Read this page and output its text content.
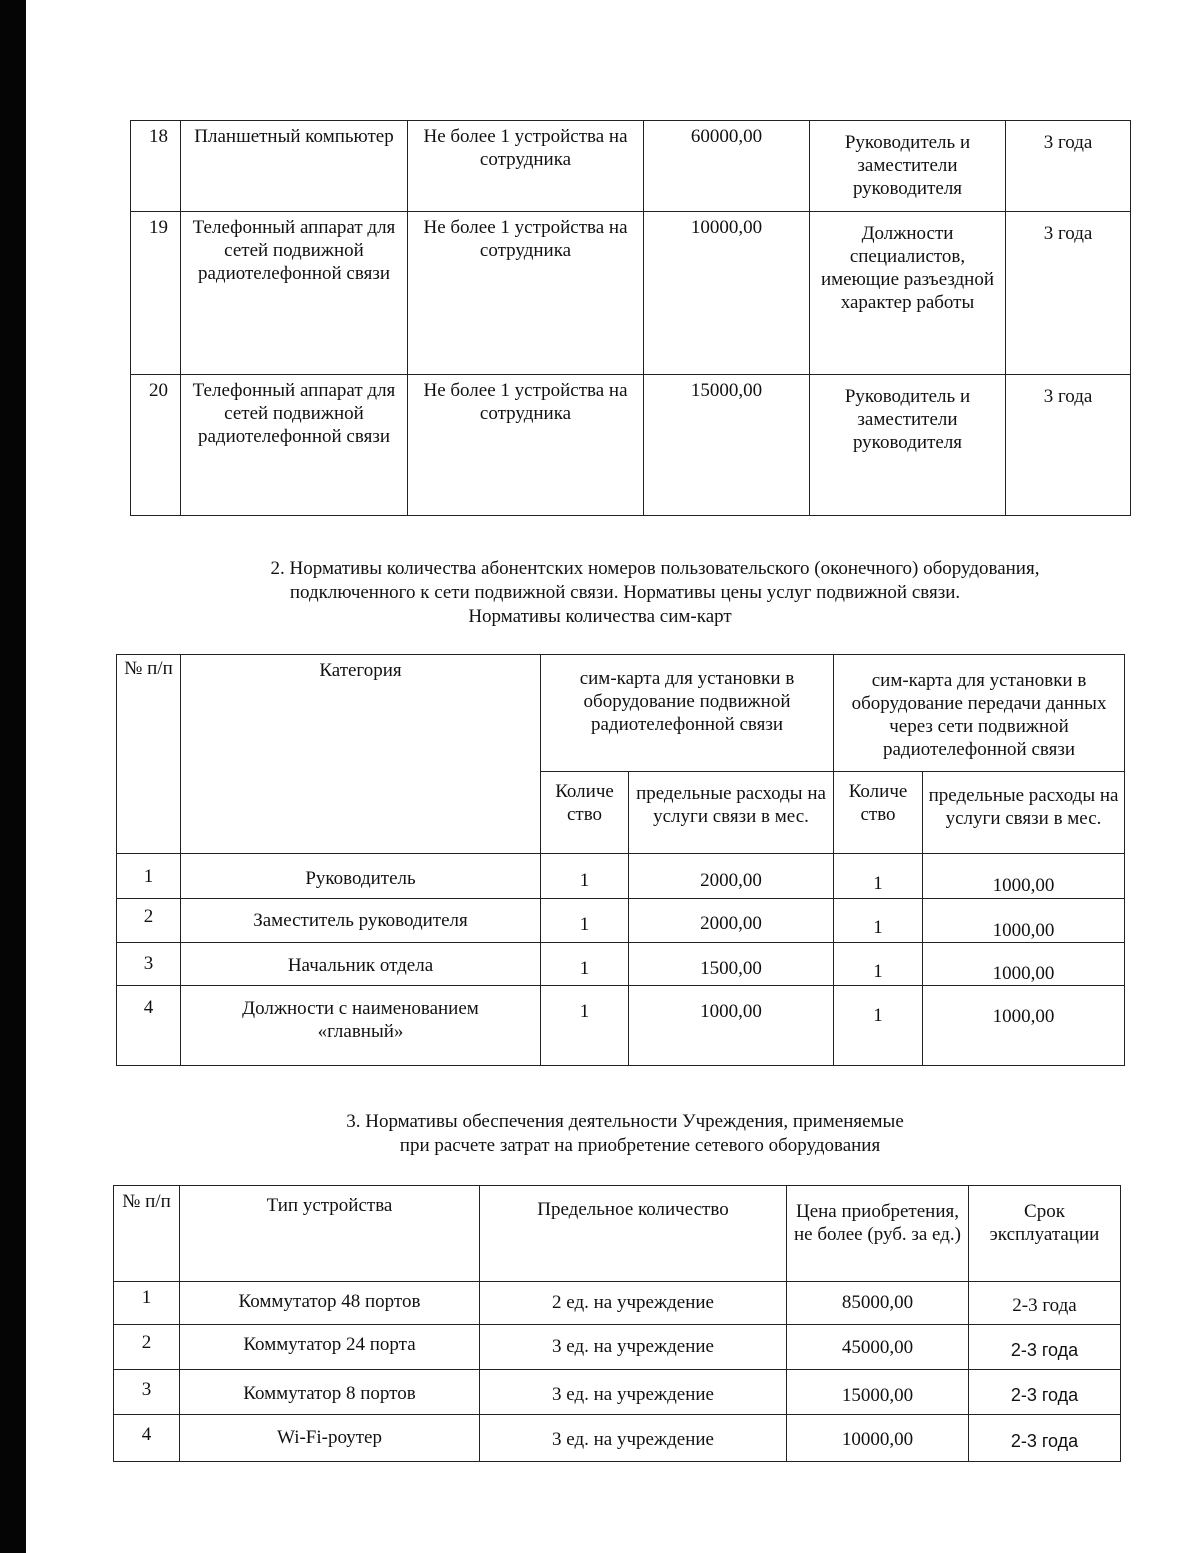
18	Планшетный компьютер	Не более 1 устройства на сотрудника	60000,00	Руководитель и заместители руководителя	3 года
19	Телефонный аппарат для сетей подвижной радиотелефонной связи	Не более 1 устройства на сотрудника	10000,00	Должности специалистов, имеющие разъездной характер работы	3 года
20	Телефонный аппарат для сетей подвижной радиотелефонной связи	Не более 1 устройства на сотрудника	15000,00	Руководитель и заместители руководителя	3 года
2. Нормативы количества абонентских номеров пользовательского (оконечного) оборудования,
подключенного к сети подвижной связи. Нормативы цены услуг подвижной связи.
Нормативы количества сим-карт
№ п/п	Категория	сим-карта для установки в оборудование подвижной радиотелефонной связи		сим-карта для установки в оборудование передачи данных через сети подвижной радиотелефонной связи	
		Количе ство	предельные расходы на услуги связи в мес.	Количе ство	предельные расходы на услуги связи в мес.
1	Руководитель	1	2000,00	1	1000,00
2	Заместитель руководителя	1	2000,00	1	1000,00
3	Начальник отдела	1	1500,00	1	1000,00
4	Должности с наименованием «главный»	1	1000,00	1	1000,00
3. Нормативы обеспечения деятельности Учреждения, применяемые
при расчете затрат на приобретение сетевого оборудования
№ п/п	Тип устройства	Предельное количество	Цена приобретения, не более (руб. за ед.)	Срок эксплуатации
1	Коммутатор 48 портов	2 ед. на учреждение	85000,00	2-3 года
2	Коммутатор 24 порта	3 ед. на учреждение	45000,00	2-3 года
3	Коммутатор 8 портов	3 ед. на учреждение	15000,00	2-3 года
4	Wi-Fi-роутер	3 ед. на учреждение	10000,00	2-3 года
